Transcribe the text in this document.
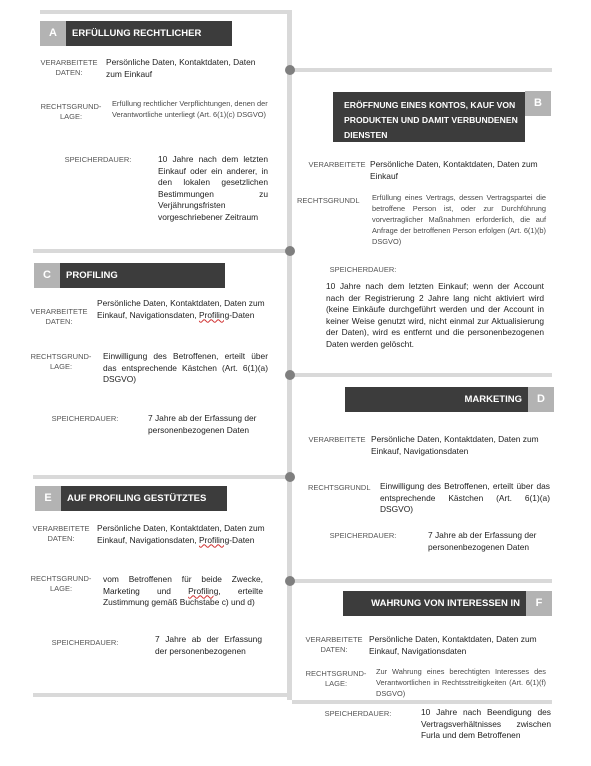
A	ERFÜLLUNG RECHTLICHER
VERARBEITETE DATEN:
Persönliche Daten, Kontaktdaten, Daten zum Einkauf
RECHTSGRUND-LAGE:
Erfüllung rechtlicher Verpflichtungen, denen der Verantwortliche unterliegt (Art. 6(1)(c) DSGVO)
SPEICHERDAUER:	10 Jahre nach dem letzten Einkauf oder ein anderer, in den lokalen gesetzlichen Bestimmungen zu Verjährungsfristen vorgeschriebener Zeitraum
ERÖFFNUNG EINES KONTOS, KAUF VON
PRODUKTEN UND DAMIT VERBUNDENEN
DIENSTEN
B
VERARBEITETE Persönliche Daten, Kontaktdaten, Daten zum Einkauf
RECHTSGRUNDL Erfüllung eines Vertrags, dessen Vertragspartei die betroffene Person ist, oder zur Durchführung vorvertraglicher Maßnahmen erforderlich, die auf Anfrage der betroffenen Person erfolgen (Art. 6(1)(b) DSGVO)
SPEICHERDAUER:
10 Jahre nach dem letzten Einkauf; wenn der Account nach der Registrierung 2 Jahre lang nicht aktiviert wird (keine Einkäufe durchgeführt werden und der Account in keiner Weise genutzt wird, nicht einmal zur Aktualisierung der Daten), wird es entfernt und die personenbezogenen Daten werden gelöscht.
C	PROFILING
VERARBEITETE DATEN:
Persönliche Daten, Kontaktdaten, Daten zum Einkauf, Navigationsdaten, Profiling-Daten
RECHTSGRUND-LAGE:
Einwilligung des Betroffenen, erteilt über das entsprechende Kästchen (Art. 6(1)(a) DSGVO)
SPEICHERDAUER:	7 Jahre ab der Erfassung der personenbezogenen Daten
MARKETING	D
VERARBEITETE Persönliche Daten, Kontaktdaten, Daten zum Einkauf, Navigationsdaten
RECHTSGRUNDL Einwilligung des Betroffenen, erteilt über das entsprechende Kästchen (Art. 6(1)(a) DSGVO)
SPEICHERDAUER:	7 Jahre ab der Erfassung der personenbezogenen Daten
E	AUF PROFILING GESTÜTZTES
VERARBEITETE DATEN:
Persönliche Daten, Kontaktdaten, Daten zum Einkauf, Navigationsdaten, Profiling-Daten
RECHTSGRUND-LAGE:
vom Betroffenen für beide Zwecke, Marketing und Profiling, erteilte Zustimmung gemäß Buchstabe c) und d)
SPEICHERDAUER:	7 Jahre ab der Erfassung der personenbezogenen
WAHRUNG VON INTERESSEN IN	F
VERARBEITETE DATEN:
Persönliche Daten, Kontaktdaten, Daten zum Einkauf, Navigationsdaten
RECHTSGRUND-LAGE:
Zur Wahrung eines berechtigten Interesses des Verantwortlichen in Rechtsstreitigkeiten (Art. 6(1)(f) DSGVO)
SPEICHERDAUER:	10 Jahre nach Beendigung des Vertragsverhältnisses zwischen Furla und dem Betroffenen
